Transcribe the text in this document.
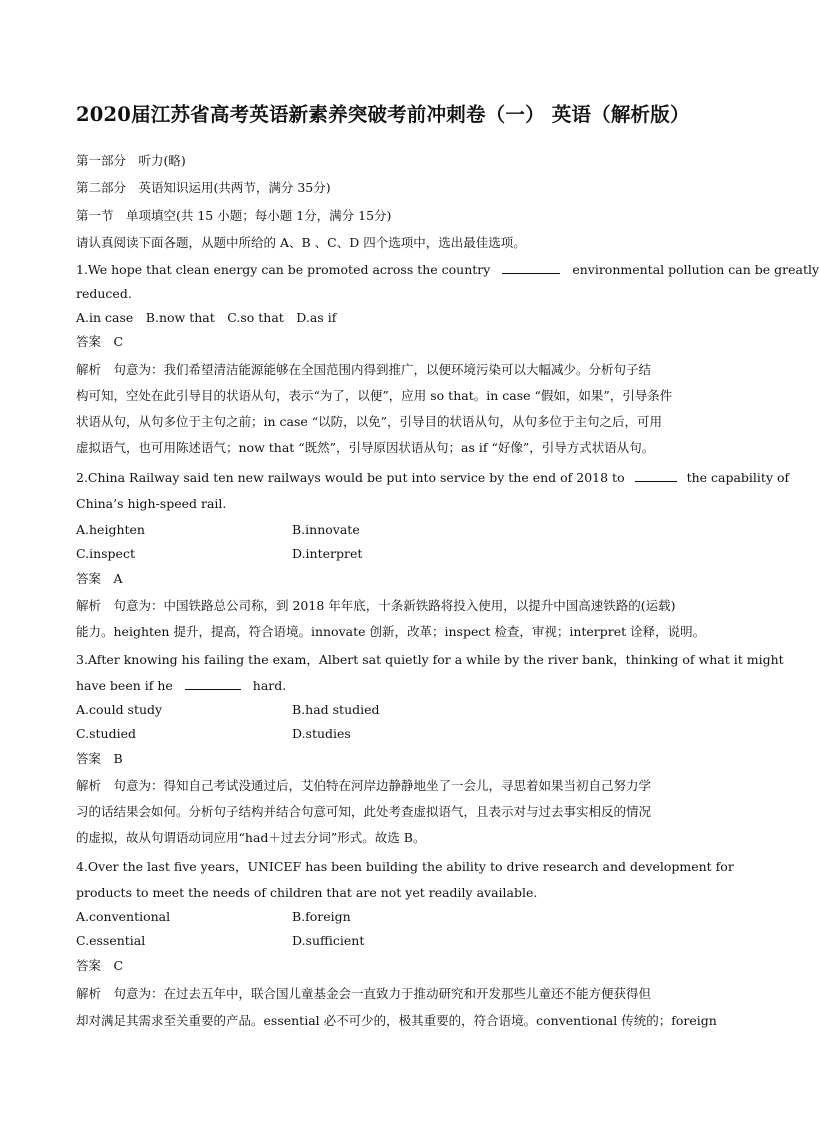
2020届江苏省高考英语新素养突破考前冲刺卷（一） 英语（解析版）
第一部分　听力(略)
第二部分　英语知识运用(共两节，满分 35分)
第一节　单项填空(共 15 小题；每小题 1分，满分 15分)
请认真阅读下面各题，从题中所给的 A、B 、C、D 四个选项中，选出最佳选项。
1.We hope that clean energy can be promoted across the country	environmental pollution can be greatly
reduced.
A.in case　B.now that　C.so that　D.as if
答案　C
解析　句意为：我们希望清洁能源能够在全国范围内得到推广，以便环境污染可以大幅减少。分析句子结
构可知，空处在此引导目的状语从句，表示“为了，以便”，应用 so that。in case “假如，如果”，引导条件
状语从句，从句多位于主句之前；in case “以防，以免”，引导目的状语从句，从句多位于主句之后，可用
虚拟语气，也可用陈述语气；now that “既然”，引导原因状语从句；as if “好像”，引导方式状语从句。
2.China Railway said ten new railways would be put into service by the end of 2018 to	the capability of
China’s high-speed rail.
A.heighten	B.innovate
C.inspect	D.interpret
答案　A
解析　句意为：中国铁路总公司称，到 2018 年年底，十条新铁路将投入使用，以提升中国高速铁路的(运载)
能力。heighten 提升，提高，符合语境。innovate 创新，改革；inspect 检查，审视；interpret 诠释，说明。
3.After knowing his failing the exam，Albert sat quietly for a while by the river bank，thinking of what it might
have been if he	hard.
A.could study	B.had studied
C.studied	D.studies
答案　B
解析　句意为：得知自己考试没通过后，艾伯特在河岸边静静地坐了一会儿，寻思着如果当初自己努力学
习的话结果会如何。分析句子结构并结合句意可知，此处考查虚拟语气，且表示对与过去事实相反的情况
的虚拟，故从句谓语动词应用“had＋过去分词”形式。故选 B。
4.Over the last five years，UNICEF has been building the ability to drive research and development for
products to meet the needs of children that are not yet readily available.
A.conventional	B.foreign
C.essential	D.sufficient
答案　C
解析　句意为：在过去五年中，联合国儿童基金会一直致力于推动研究和开发那些儿童还不能方便获得但
却对满足其需求至关重要的产品。essential 必不可少的，极其重要的，符合语境。conventional 传统的；foreign
